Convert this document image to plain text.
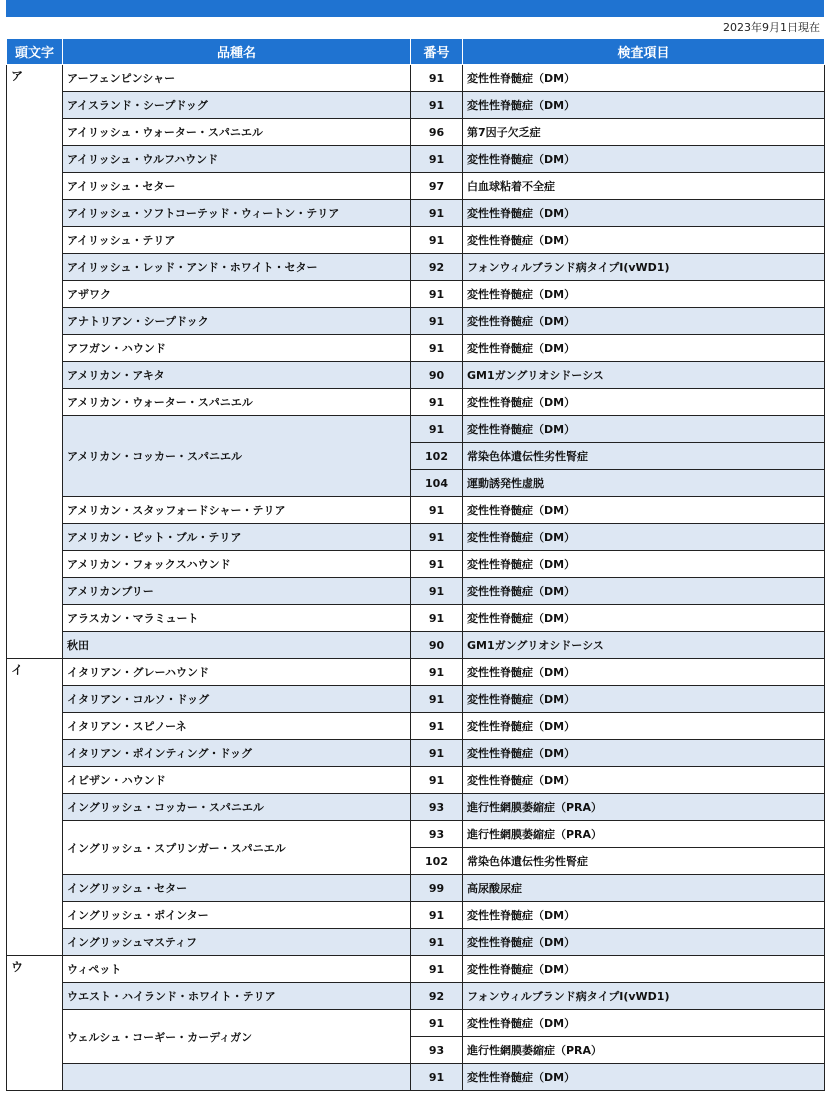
2023年9月1日現在
頭文字	品種名	番号	検査項目
ア	アーフェンピンシャー	91	変性性脊髄症（DM）
	アイスランド・シープドッグ	91	変性性脊髄症（DM）
	アイリッシュ・ウォーター・スパニエル	96	第7因子欠乏症
	アイリッシュ・ウルフハウンド	91	変性性脊髄症（DM）
	アイリッシュ・セター	97	白血球粘着不全症
	アイリッシュ・ソフトコーテッド・ウィートン・テリア	91	変性性脊髄症（DM）
	アイリッシュ・テリア	91	変性性脊髄症（DM）
	アイリッシュ・レッド・アンド・ホワイト・セター	92	フォンウィルブランド病タイプⅠ(vWD1)
	アザワク	91	変性性脊髄症（DM）
	アナトリアン・シープドック	91	変性性脊髄症（DM）
	アフガン・ハウンド	91	変性性脊髄症（DM）
	アメリカン・アキタ	90	GM1ガングリオシドーシス
	アメリカン・ウォーター・スパニエル	91	変性性脊髄症（DM）
	アメリカン・コッカー・スパニエル	91	変性性脊髄症（DM）
		102	常染色体遺伝性劣性腎症
		104	運動誘発性虚脱
	アメリカン・スタッフォードシャー・テリア	91	変性性脊髄症（DM）
	アメリカン・ピット・ブル・テリア	91	変性性脊髄症（DM）
	アメリカン・フォックスハウンド	91	変性性脊髄症（DM）
	アメリカンブリー	91	変性性脊髄症（DM）
	アラスカン・マラミュート	91	変性性脊髄症（DM）
	秋田	90	GM1ガングリオシドーシス
イ	イタリアン・グレーハウンド	91	変性性脊髄症（DM）
	イタリアン・コルソ・ドッグ	91	変性性脊髄症（DM）
	イタリアン・スピノーネ	91	変性性脊髄症（DM）
	イタリアン・ポインティング・ドッグ	91	変性性脊髄症（DM）
	イビザン・ハウンド	91	変性性脊髄症（DM）
	イングリッシュ・コッカー・スパニエル	93	進行性網膜萎縮症（PRA）
	イングリッシュ・スプリンガー・スパニエル	93	進行性網膜萎縮症（PRA）
		102	常染色体遺伝性劣性腎症
	イングリッシュ・セター	99	高尿酸尿症
	イングリッシュ・ポインター	91	変性性脊髄症（DM）
	イングリッシュマスティフ	91	変性性脊髄症（DM）
ウ	ウィペット	91	変性性脊髄症（DM）
	ウエスト・ハイランド・ホワイト・テリア	92	フォンウィルブランド病タイプⅠ(vWD1)
	ウェルシュ・コーギー・カーディガン	91	変性性脊髄症（DM）
		93	進行性網膜萎縮症（PRA）
		91	変性性脊髄症（DM）
